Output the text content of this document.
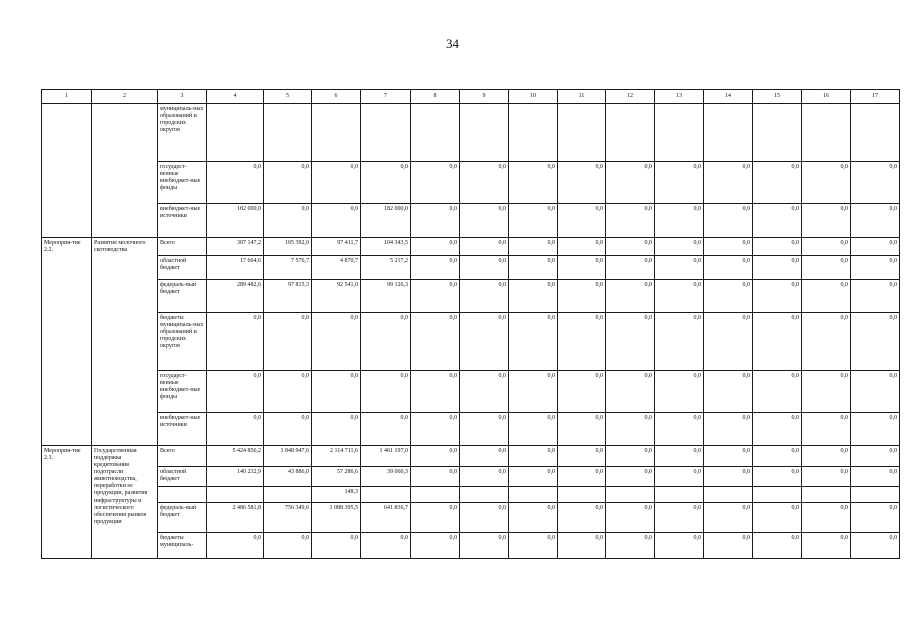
34
1	2	3	4	5	6	7	8	9	10	11	12	13	14	15	16	17
		муниципаль-ных образований и городских округов														
		государст-венные внебюджет-ные фонды	0,0	0,0	0,0	0,0	0,0	0,0	0,0	0,0	0,0	0,0	0,0	0,0	0,0	0,0
		внебюджет-ные источники	182 000,0	0,0	0,0	182 000,0	0,0	0,0	0,0	0,0	0,0	0,0	0,0	0,0	0,0	0,0
Мероприя-тие 2.2.	Развитие молочного скотоводства	Всего	307 147,2	105 392,0	97 411,7	104 343,5	0,0	0,0	0,0	0,0	0,0	0,0	0,0	0,0	0,0	0,0
		областной бюджет	17 664,6	7 576,7	4 870,7	5 217,2	0,0	0,0	0,0	0,0	0,0	0,0	0,0	0,0	0,0	0,0
		федераль-ный бюджет	289 482,6	97 815,3	92 541,0	99 126,3	0,0	0,0	0,0	0,0	0,0	0,0	0,0	0,0	0,0	0,0
		бюджеты муниципаль-ных образований и городских округов	0,0	0,0	0,0	0,0	0,0	0,0	0,0	0,0	0,0	0,0	0,0	0,0	0,0	0,0
		государст-венные внебюджет-ные фонды	0,0	0,0	0,0	0,0	0,0	0,0	0,0	0,0	0,0	0,0	0,0	0,0	0,0	0,0
		внебюджет-ные источники	0,0	0,0	0,0	0,0	0,0	0,0	0,0	0,0	0,0	0,0	0,0	0,0	0,0	0,0
Мероприя-тие 2.3.	Государственная поддержка кредитования подотрасли животноводства, переработки ее продукции, развития инфраструктуры и логистического обеспечения рынков продукции	Всего	5 424 856,2	1 848 947,6	2 114 711,6	1 461 197,0	0,0	0,0	0,0	0,0	0,0	0,0	0,0	0,0	0,0	0,0
		областной бюджет	140 232,9	43 886,0	57 286,6	39 060,3	0,0	0,0	0,0	0,0	0,0	0,0	0,0	0,0	0,0	0,0
					148,3											
		федераль-ный бюджет	2 486 581,8	756 349,6	1 088 395,5	641 836,7	0,0	0,0	0,0	0,0	0,0	0,0	0,0	0,0	0,0	0,0
		бюджеты муниципаль-	0,0	0,0	0,0	0,0	0,0	0,0	0,0	0,0	0,0	0,0	0,0	0,0	0,0	0,0
